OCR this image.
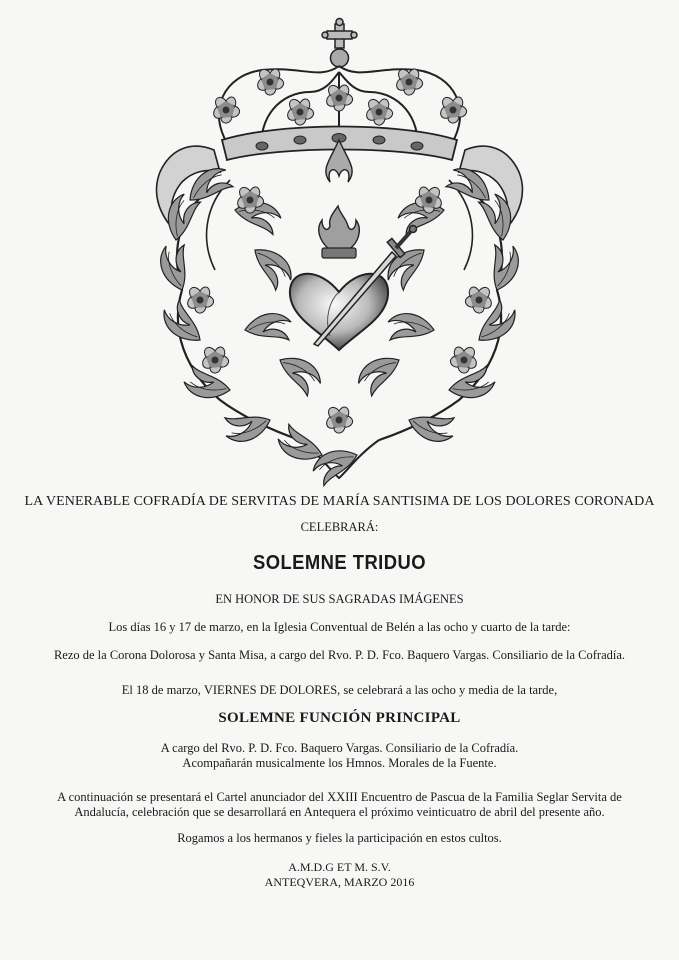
LA VENERABLE COFRADÍA DE SERVITAS DE MARÍA SANTISIMA DE LOS DOLORES CORONADA
CELEBRARÁ:
SOLEMNE TRIDUO
EN HONOR DE SUS SAGRADAS IMÁGENES
Los días 16 y 17 de marzo, en la Iglesia Conventual de Belén a las ocho y cuarto de la tarde:
Rezo de la Corona Dolorosa y Santa Misa, a cargo del Rvo. P. D. Fco. Baquero Vargas. Consiliario de la Cofradía.
El 18 de marzo, VIERNES DE DOLORES, se celebrará a las ocho y media de la tarde,
SOLEMNE FUNCIÓN PRINCIPAL
A cargo del Rvo. P. D. Fco. Baquero Vargas. Consiliario de la Cofradía.
Acompañarán musicalmente los Hmnos. Morales de la Fuente.
A continuación se presentará el Cartel anunciador del XXIII Encuentro de Pascua de la Familia Seglar Servita de Andalucía, celebración que se desarrollará en Antequera el próximo veinticuatro de abril del presente año.
Rogamos a los hermanos y fieles la participación en estos cultos.
A.M.D.G ET M. S.V.
ANTEQVERA, MARZO 2016
